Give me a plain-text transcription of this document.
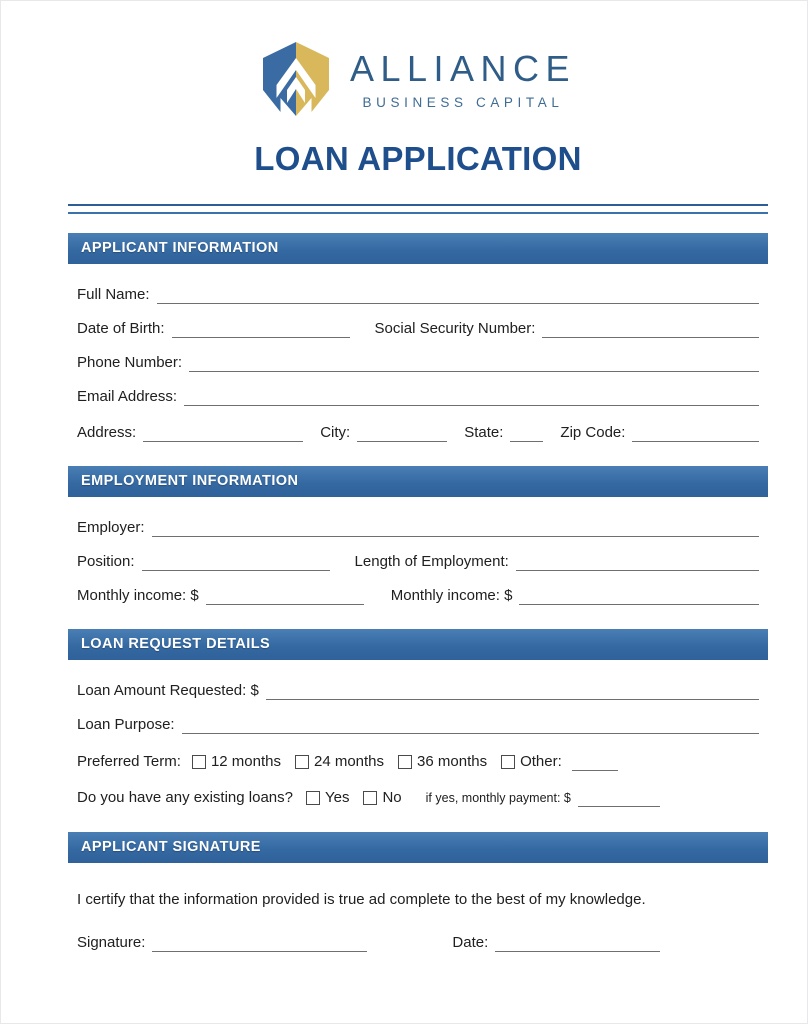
ALLIANCE
BUSINESS CAPITAL
LOAN APPLICATION
APPLICANT INFORMATION
Full Name:
Date of Birth:	Social Security Number:
Phone Number:
Email Address:
Address:	City:	State:	Zip Code:
EMPLOYMENT INFORMATION
Employer:
Position:	Length of Employment:
Monthly income: $	Monthly income: $
LOAN REQUEST DETAILS
Loan Amount Requested: $
Loan Purpose:
Preferred Term:	12 months	24 months	36 months	Other:
Do you have any existing loans?	Yes	No	if yes, monthly payment: $
APPLICANT SIGNATURE
I certify that the information provided is true ad complete to the best of my knowledge.
Signature:	Date:
